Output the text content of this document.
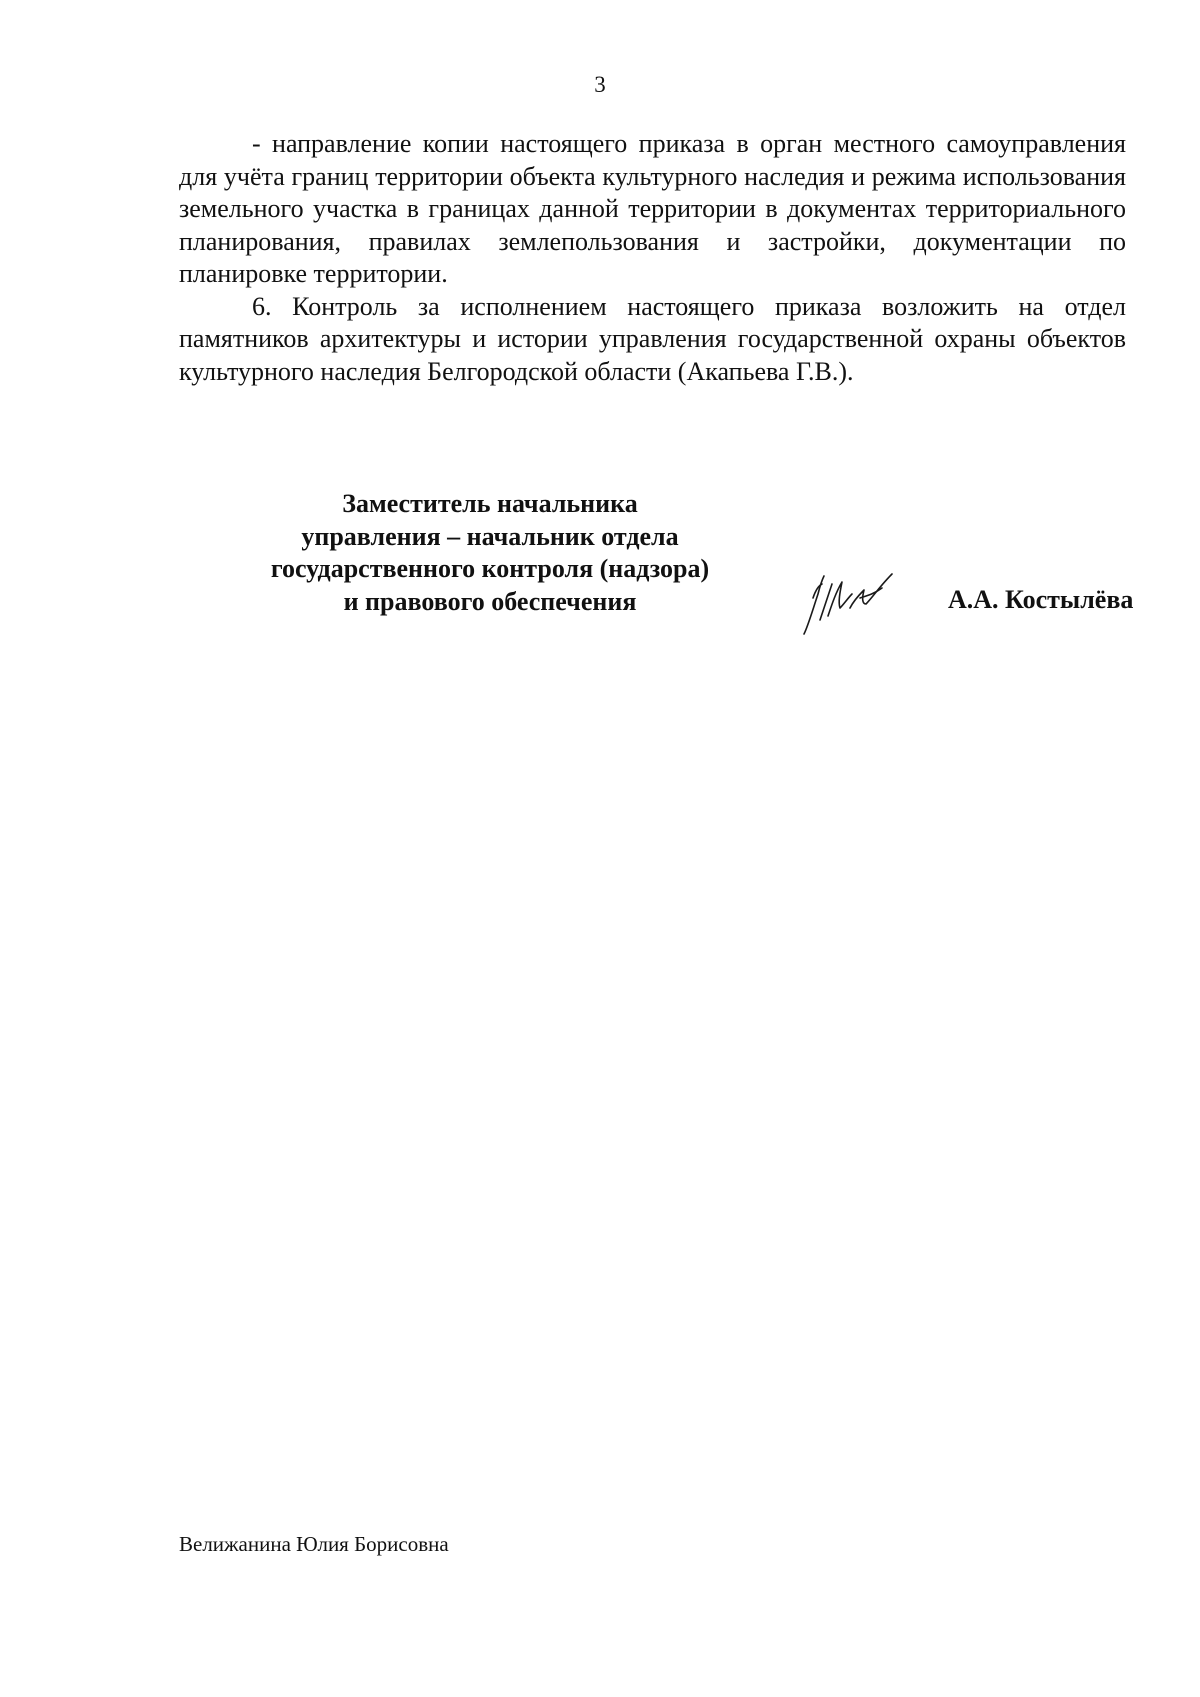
3

- направление копии настоящего приказа в орган местного самоуправления для учёта границ территории объекта культурного наследия и режима использования земельного участка в границах данной территории в документах территориального планирования, правилах землепользования и застройки, документации по планировке территории.

6. Контроль за исполнением настоящего приказа возложить на отдел памятников архитектуры и истории управления государственной охраны объектов культурного наследия Белгородской области (Акапьева Г.В.).

Заместитель начальника
управления – начальник отдела
государственного контроля (надзора)
и правового обеспечения	А.А. Костылёва
Велижанина Юлия Борисовна
